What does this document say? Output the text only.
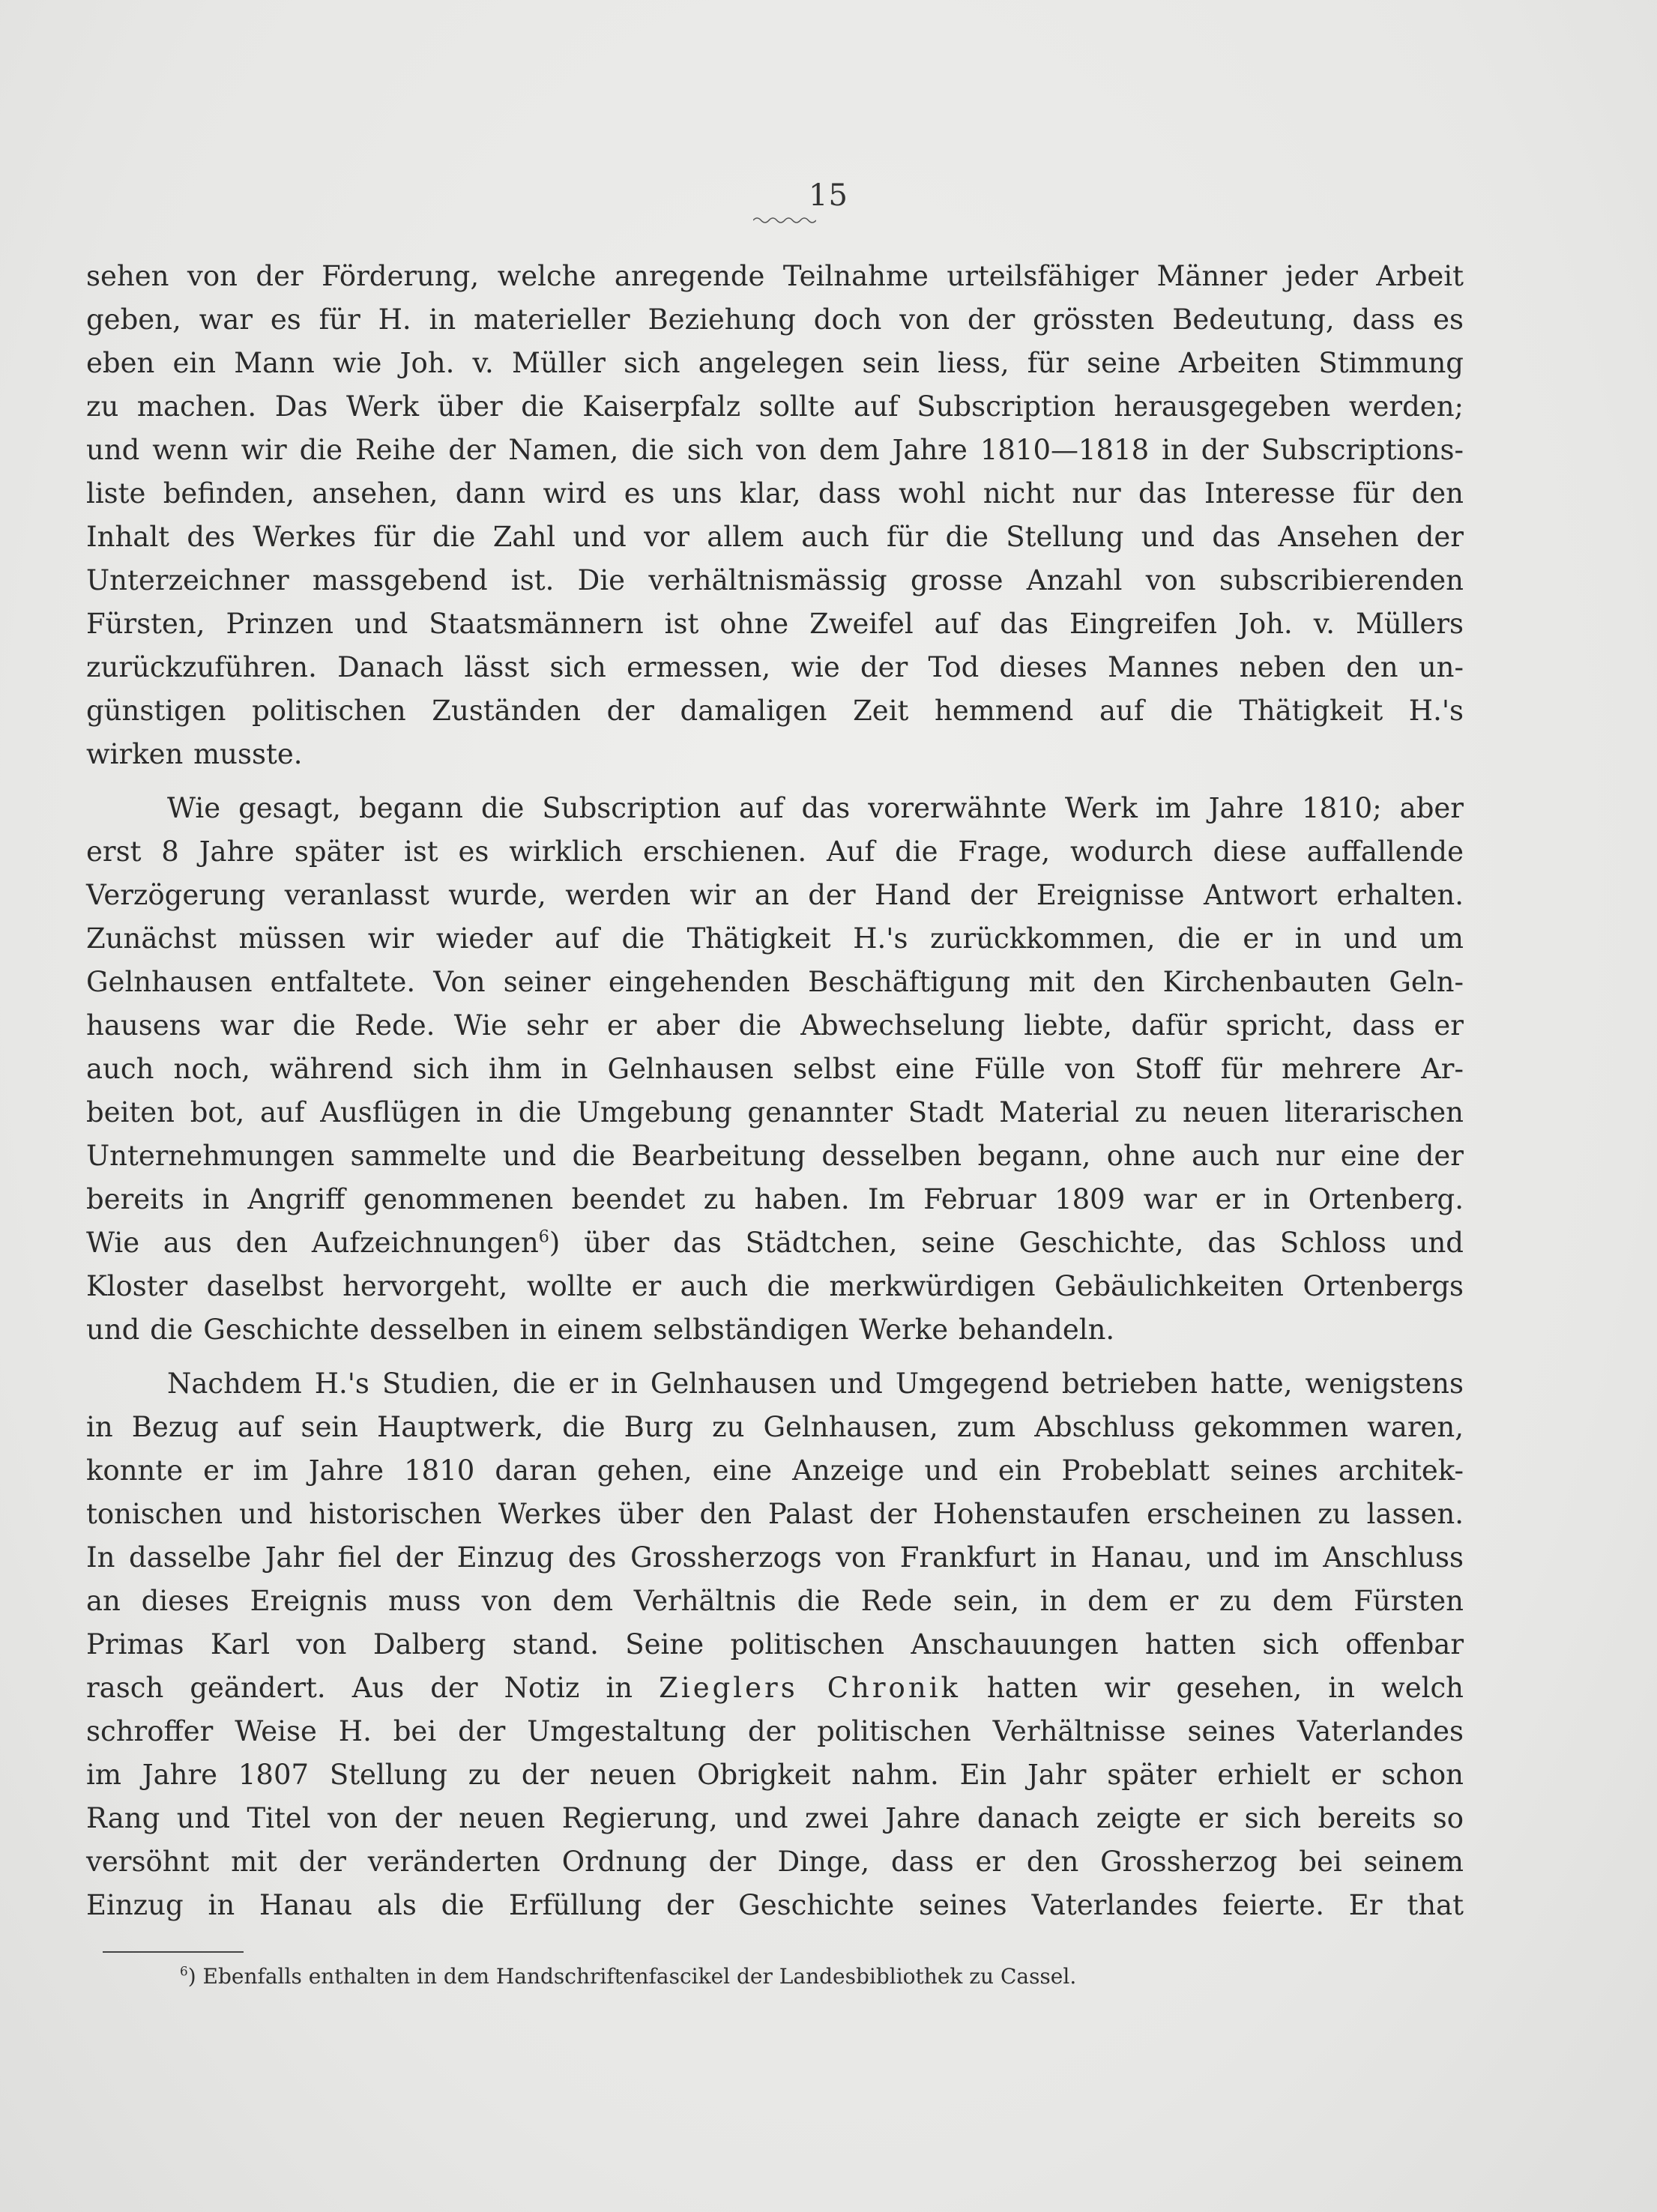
15
sehen von der Förderung, welche anregende Teilnahme urteilsfähiger Männer jeder Arbeit
geben, war es für H. in materieller Beziehung doch von der grössten Bedeutung, dass es
eben ein Mann wie Joh. v. Müller sich angelegen sein liess, für seine Arbeiten Stimmung
zu machen. Das Werk über die Kaiserpfalz sollte auf Subscription herausgegeben werden;
und wenn wir die Reihe der Namen, die sich von dem Jahre 1810—1818 in der Subscriptions-
liste befinden, ansehen, dann wird es uns klar, dass wohl nicht nur das Interesse für den
Inhalt des Werkes für die Zahl und vor allem auch für die Stellung und das Ansehen der
Unterzeichner massgebend ist. Die verhältnismässig grosse Anzahl von subscribierenden
Fürsten, Prinzen und Staatsmännern ist ohne Zweifel auf das Eingreifen Joh. v. Müllers
zurückzuführen. Danach lässt sich ermessen, wie der Tod dieses Mannes neben den un-
günstigen politischen Zuständen der damaligen Zeit hemmend auf die Thätigkeit H.'s
wirken musste.
Wie gesagt, begann die Subscription auf das vorerwähnte Werk im Jahre 1810; aber
erst 8 Jahre später ist es wirklich erschienen. Auf die Frage, wodurch diese auffallende
Verzögerung veranlasst wurde, werden wir an der Hand der Ereignisse Antwort erhalten.
Zunächst müssen wir wieder auf die Thätigkeit H.'s zurückkommen, die er in und um
Gelnhausen entfaltete. Von seiner eingehenden Beschäftigung mit den Kirchenbauten Geln-
hausens war die Rede. Wie sehr er aber die Abwechselung liebte, dafür spricht, dass er
auch noch, während sich ihm in Gelnhausen selbst eine Fülle von Stoff für mehrere Ar-
beiten bot, auf Ausflügen in die Umgebung genannter Stadt Material zu neuen literarischen
Unternehmungen sammelte und die Bearbeitung desselben begann, ohne auch nur eine der
bereits in Angriff genommenen beendet zu haben. Im Februar 1809 war er in Ortenberg.
Wie aus den Aufzeichnungen$^6$) über das Städtchen, seine Geschichte, das Schloss und
Kloster daselbst hervorgeht, wollte er auch die merkwürdigen Gebäulichkeiten Ortenbergs
und die Geschichte desselben in einem selbständigen Werke behandeln.
Nachdem H.'s Studien, die er in Gelnhausen und Umgegend betrieben hatte, wenigstens
in Bezug auf sein Hauptwerk, die Burg zu Gelnhausen, zum Abschluss gekommen waren,
konnte er im Jahre 1810 daran gehen, eine Anzeige und ein Probeblatt seines architek-
tonischen und historischen Werkes über den Palast der Hohenstaufen erscheinen zu lassen.
In dasselbe Jahr fiel der Einzug des Grossherzogs von Frankfurt in Hanau, und im Anschluss
an dieses Ereignis muss von dem Verhältnis die Rede sein, in dem er zu dem Fürsten
Primas Karl von Dalberg stand. Seine politischen Anschauungen hatten sich offenbar
rasch geändert. Aus der Notiz in Zieglers Chronik hatten wir gesehen, in welch
schroffer Weise H. bei der Umgestaltung der politischen Verhältnisse seines Vaterlandes
im Jahre 1807 Stellung zu der neuen Obrigkeit nahm. Ein Jahr später erhielt er schon
Rang und Titel von der neuen Regierung, und zwei Jahre danach zeigte er sich bereits so
versöhnt mit der veränderten Ordnung der Dinge, dass er den Grossherzog bei seinem
Einzug in Hanau als die Erfüllung der Geschichte seines Vaterlandes feierte. Er that
$^6$) Ebenfalls enthalten in dem Handschriftenfascikel der Landesbibliothek zu Cassel.
